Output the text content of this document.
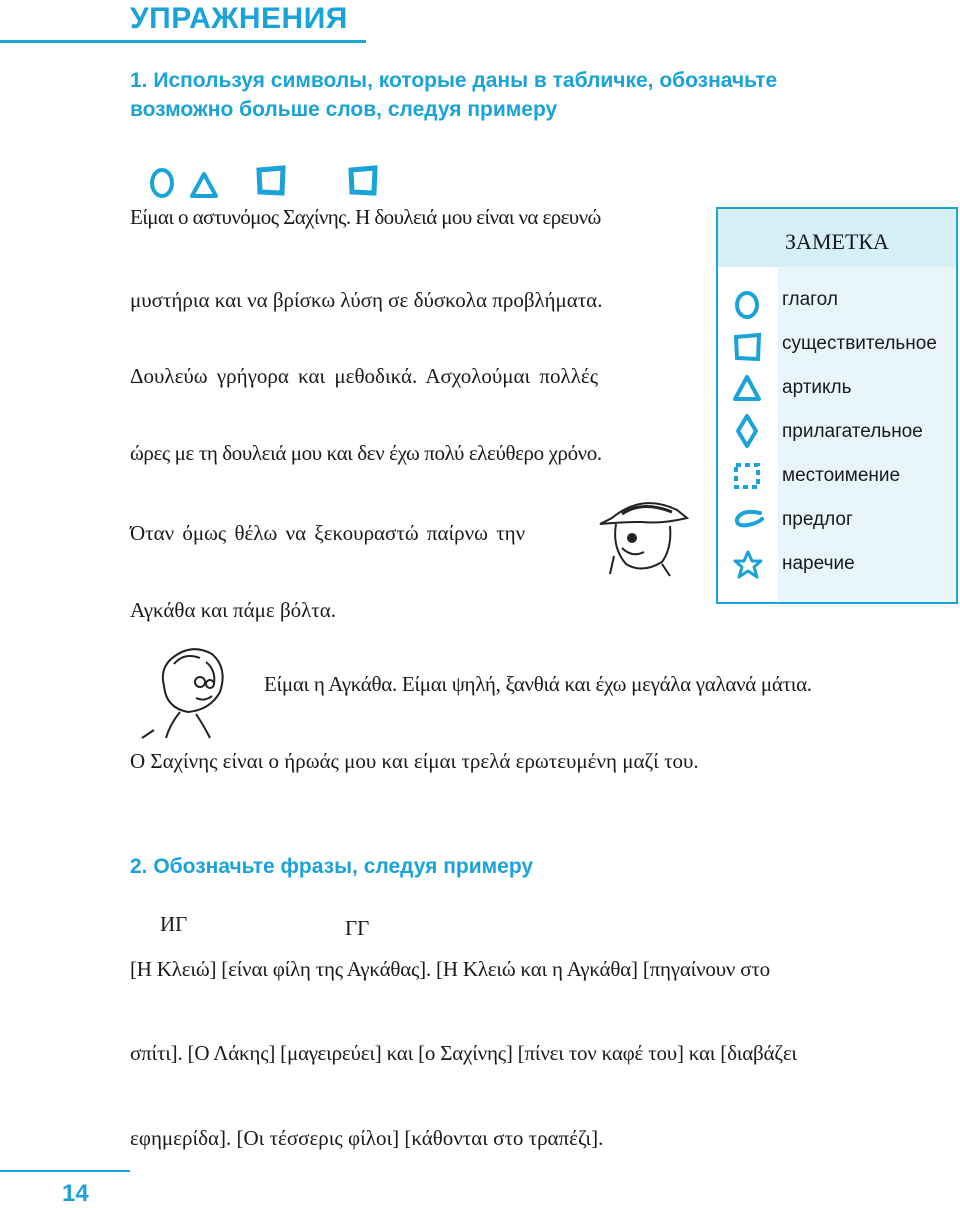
УПРАЖНЕНИЯ
1. Используя символы, которые даны в табличке, обозначьте
возможно больше слов, следуя примеру
Είμαι ο αστυνόμος Σαχίνης. Η δουλειά μου είναι να ερευνώ
μυστήρια και να βρίσκω λύση σε δύσκολα προβλήματα.
Δουλεύω γρήγορα και μεθοδικά. Ασχολούμαι πολλές
ώρες με τη δουλειά μου και δεν έχω πολύ ελεύθερο χρόνο.
Όταν όμως θέλω να ξεκουραστώ παίρνω την
Αγκάθα και πάμε βόλτα.
Είμαι η Αγκάθα. Είμαι ψηλή, ξανθιά και έχω μεγάλα γαλανά μάτια.
Ο Σαχίνης είναι ο ήρωάς μου και είμαι τρελά ερωτευμένη μαζί του.
ЗАМЕТКА
глагол
существительное
артикль
прилагательное
местоимение
предлог
наречие
2. Обозначьте фразы, следуя примеру
ИГ	ГГ
[Η Κλειώ] [είναι φίλη της Αγκάθας]. [Η Κλειώ και η Αγκάθα] [πηγαίνουν στο
σπίτι]. [Ο Λάκης] [μαγειρεύει] και [ο Σαχίνης] [πίνει τον καφέ του] και [διαβάζει
εφημερίδα]. [Οι τέσσερις φίλοι] [κάθονται στο τραπέζι].
14
